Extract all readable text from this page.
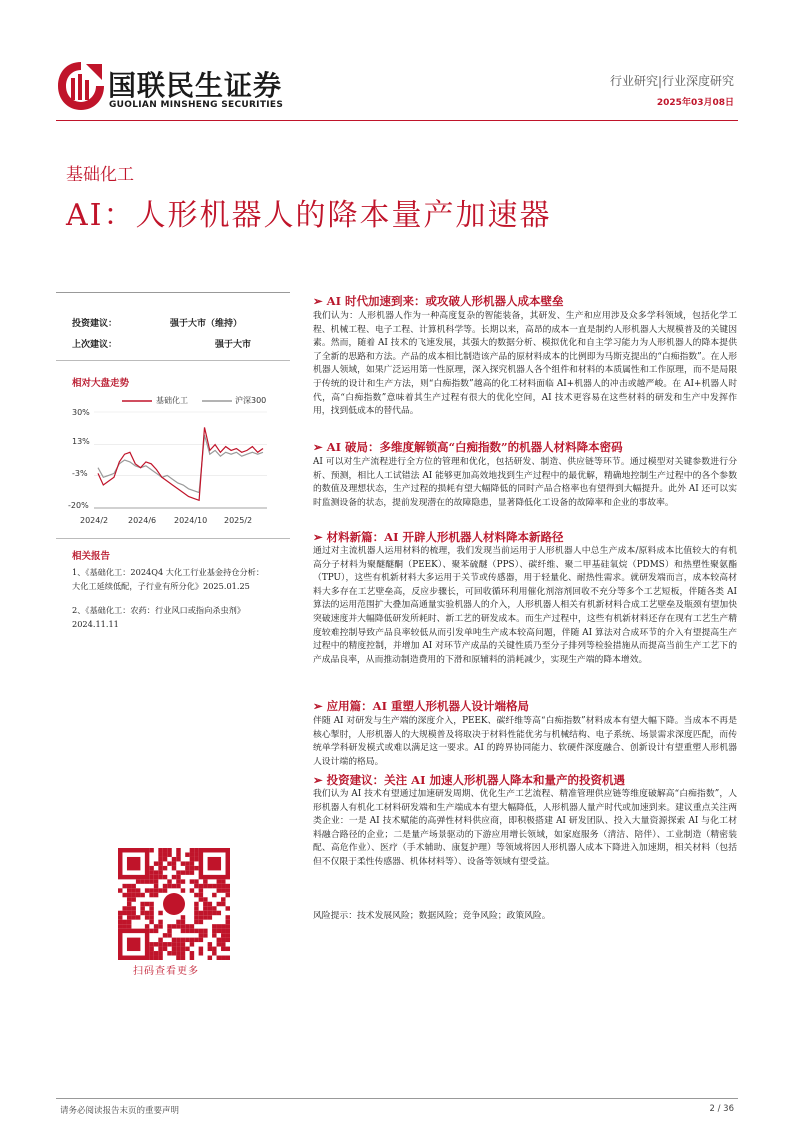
国联民生证券
GUOLIAN MINSHENG SECURITIES
行业研究|行业深度研究
2025年03月08日
基础化工
AI：人形机器人的降本量产加速器
投资建议：	强于大市（维持）
上次建议：	强于大市
相对大盘走势
基础化工	沪深300
30%
13%
-3%
-20%
2024/2 2024/6 2024/10 2025/2
相关报告
1、《基础化工：2024Q4 大化工行业基金持仓分析：大化工延续低配，子行业有所分化》2025.01.25
2、《基础化工：农药：行业风口或指向杀虫剂》2024.11.11
扫码查看更多
➢ AI 时代加速到来：或攻破人形机器人成本壁垒
我们认为：人形机器人作为一种高度复杂的智能装备，其研发、生产和应用涉及众多学科领域，包括化学工程、机械工程、电子工程、计算机科学等。长期以来，高昂的成本一直是制约人形机器人大规模普及的关键因素。然而，随着 AI 技术的飞速发展，其强大的数据分析、模拟优化和自主学习能力为人形机器人的降本提供了全新的思路和方法。产品的成本相比制造该产品的原材料成本的比例即为马斯克提出的“白痴指数”。在人形机器人领域，如果广泛运用第一性原理，深入探究机器人各个组件和材料的本质属性和工作原理，而不是局限于传统的设计和生产方法，则“白痴指数”越高的化工材料面临 AI+机器人的冲击或越严峻。在 AI+机器人时代，高“白痴指数”意味着其生产过程有很大的优化空间，AI 技术更容易在这些材料的研发和生产中发挥作用，找到低成本的替代品。
➢ AI 破局：多维度解锁高“白痴指数”的机器人材料降本密码
AI 可以对生产流程进行全方位的管理和优化，包括研发、制造、供应链等环节。通过模型对关键参数进行分析、预测，相比人工试错法 AI 能够更加高效地找到生产过程中的最优解，精确地控制生产过程中的各个参数的数值及理想状态，生产过程的损耗有望大幅降低的同时产品合格率也有望得到大幅提升。此外 AI 还可以实时监测设备的状态，提前发现潜在的故障隐患，显著降低化工设备的故障率和企业的事故率。
➢ 材料新篇：AI 开辟人形机器人材料降本新路径
通过对主流机器人运用材料的梳理，我们发现当前运用于人形机器人中总生产成本/原料成本比值较大的有机高分子材料为聚醚醚酮（PEEK）、聚苯硫醚（PPS）、碳纤维、聚二甲基硅氧烷（PDMS）和热塑性聚氨酯（TPU），这些有机新材料大多运用于关节或传感器，用于轻量化、耐热性需求。就研发端而言，成本较高材料大多存在工艺壁垒高，反应步骤长，可回收循环利用催化剂溶剂回收不充分等多个工艺短板，伴随各类 AI 算法的运用范围扩大叠加高通量实验机器人的介入，人形机器人相关有机新材料合成工艺壁垒及瓶颈有望加快突破速度并大幅降低研发所耗时、新工艺的研发成本。而生产过程中，这些有机新材料还存在现有工艺生产精度较难控制导致产品良率较低从而引发单吨生产成本较高问题，伴随 AI 算法对合成环节的介入有望提高生产过程中的精度控制，并增加 AI 对环节产成品的关键性质乃至分子排列等检验措施从而提高当前生产工艺下的产成品良率，从而推动制造费用的下滑和原辅料的消耗减少，实现生产端的降本增效。
➢ 应用篇：AI 重塑人形机器人设计端格局
伴随 AI 对研发与生产端的深度介入，PEEK、碳纤维等高“白痴指数”材料成本有望大幅下降。当成本不再是核心掣肘，人形机器人的大规模普及将取决于材料性能优劣与机械结构、电子系统、场景需求深度匹配，而传统单学科研发模式或难以满足这一要求。AI 的跨界协同能力、软硬件深度融合、创新设计有望重塑人形机器人设计端的格局。
➢ 投资建议：关注 AI 加速人形机器人降本和量产的投资机遇
我们认为 AI 技术有望通过加速研发周期、优化生产工艺流程、精准管理供应链等维度破解高“白痴指数”，人形机器人有机化工材料研发端和生产端成本有望大幅降低，人形机器人量产时代或加速到来。建议重点关注两类企业：一是 AI 技术赋能的高弹性材料供应商，即积极搭建 AI 研发团队、投入大量资源探索 AI 与化工材料融合路径的企业；二是量产场景驱动的下游应用增长领域，如家庭服务（清洁、陪伴）、工业制造（精密装配、高危作业）、医疗（手术辅助、康复护理）等领域将因人形机器人成本下降进入加速期，相关材料（包括但不仅限于柔性传感器、机体材料等）、设备等领域有望受益。
风险提示：技术发展风险；数据风险；竞争风险；政策风险。
请务必阅读报告末页的重要声明	2 / 36
